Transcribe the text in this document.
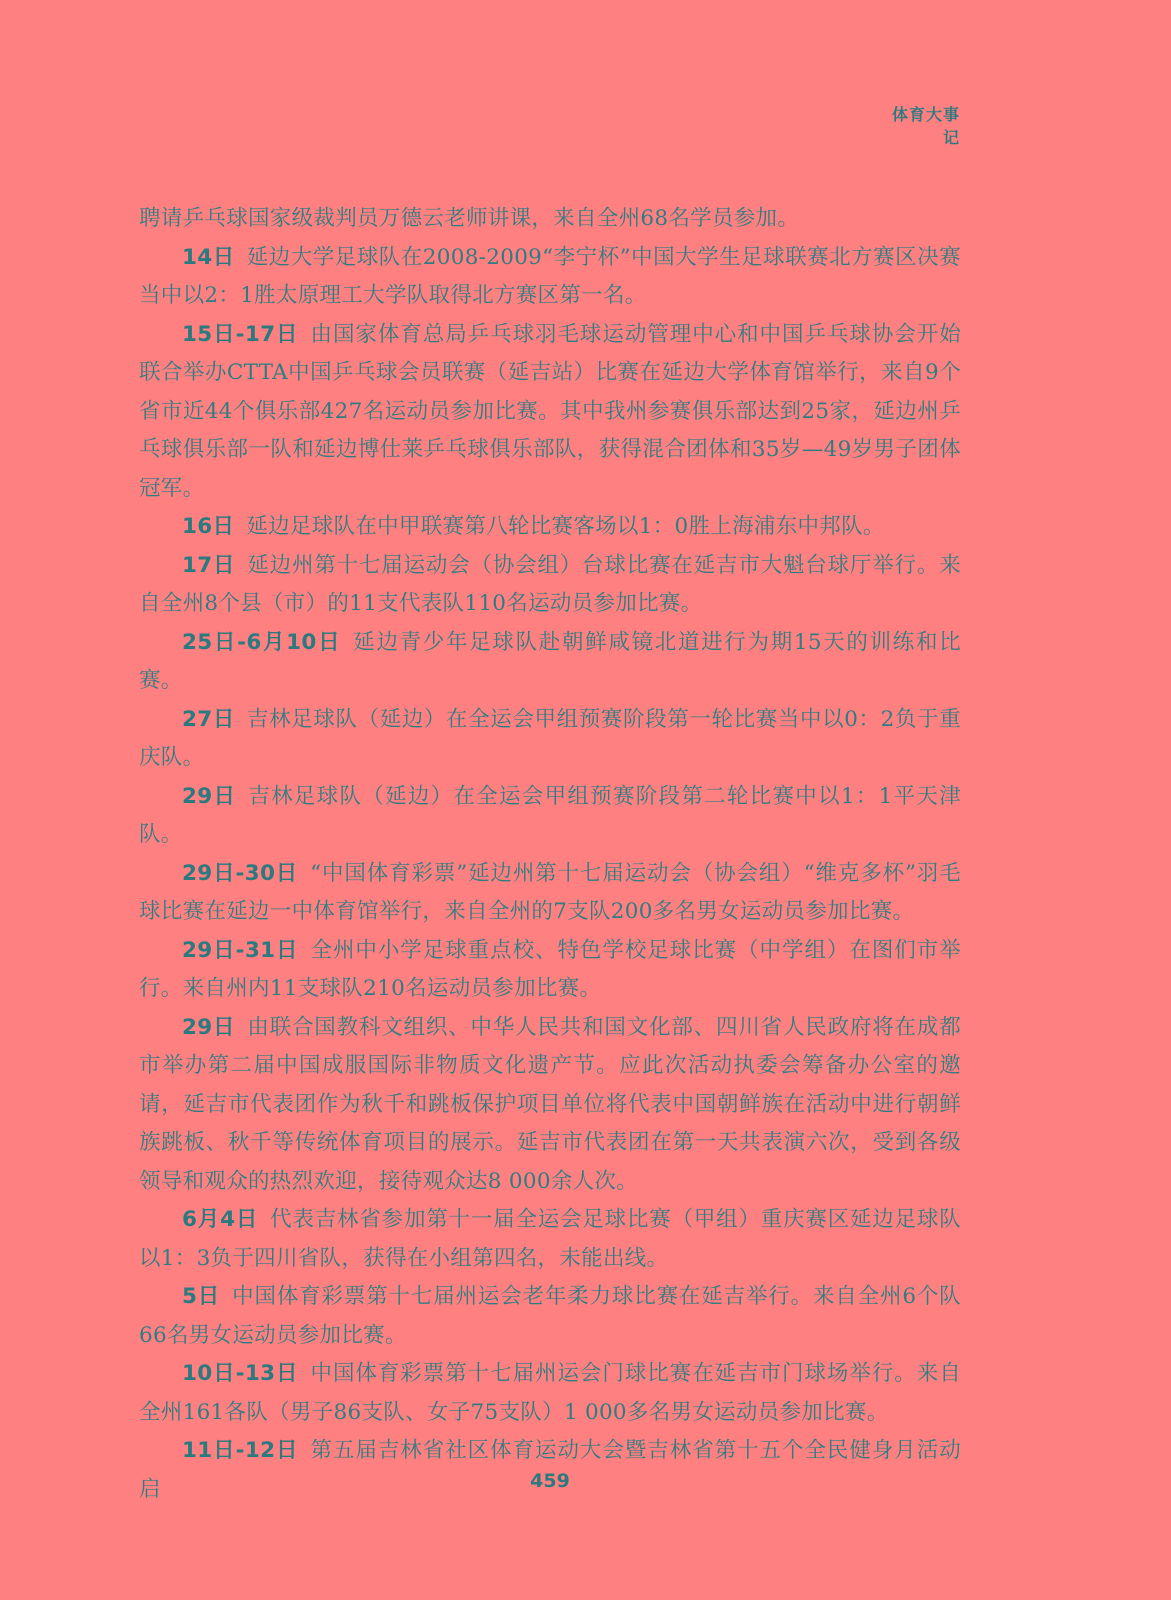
体育大事记

聘请乒乓球国家级裁判员万德云老师讲课，来自全州68名学员参加。

14日 延边大学足球队在2008-2009“李宁杯”中国大学生足球联赛北方赛区决赛当中以2：1胜太原理工大学队取得北方赛区第一名。

15日-17日 由国家体育总局乒乓球羽毛球运动管理中心和中国乒乓球协会开始联合举办CTTA中国乒乓球会员联赛（延吉站）比赛在延边大学体育馆举行，来自9个省市近44个俱乐部427名运动员参加比赛。其中我州参赛俱乐部达到25家，延边州乒乓球俱乐部一队和延边博仕莱乒乓球俱乐部队，获得混合团体和35岁—49岁男子团体冠军。

16日 延边足球队在中甲联赛第八轮比赛客场以1：0胜上海浦东中邦队。

17日 延边州第十七届运动会（协会组）台球比赛在延吉市大魁台球厅举行。来自全州8个县（市）的11支代表队110名运动员参加比赛。

25日-6月10日 延边青少年足球队赴朝鲜咸镜北道进行为期15天的训练和比赛。

27日 吉林足球队（延边）在全运会甲组预赛阶段第一轮比赛当中以0：2负于重庆队。

29日 吉林足球队（延边）在全运会甲组预赛阶段第二轮比赛中以1：1平天津队。

29日-30日 “中国体育彩票”延边州第十七届运动会（协会组）“维克多杯”羽毛球比赛在延边一中体育馆举行，来自全州的7支队200多名男女运动员参加比赛。

29日-31日 全州中小学足球重点校、特色学校足球比赛（中学组）在图们市举行。来自州内11支球队210名运动员参加比赛。

29日 由联合国教科文组织、中华人民共和国文化部、四川省人民政府将在成都市举办第二届中国成服国际非物质文化遗产节。应此次活动执委会筹备办公室的邀请，延吉市代表团作为秋千和跳板保护项目单位将代表中国朝鲜族在活动中进行朝鲜族跳板、秋千等传统体育项目的展示。延吉市代表团在第一天共表演六次，受到各级领导和观众的热烈欢迎，接待观众达8 000余人次。

6月4日 代表吉林省参加第十一届全运会足球比赛（甲组）重庆赛区延边足球队以1：3负于四川省队，获得在小组第四名，未能出线。

5日 中国体育彩票第十七届州运会老年柔力球比赛在延吉举行。来自全州6个队66名男女运动员参加比赛。

10日-13日 中国体育彩票第十七届州运会门球比赛在延吉市门球场举行。来自全州161各队（男子86支队、女子75支队）1 000多名男女运动员参加比赛。

11日-12日 第五届吉林省社区体育运动大会暨吉林省第十五个全民健身月活动启	459
